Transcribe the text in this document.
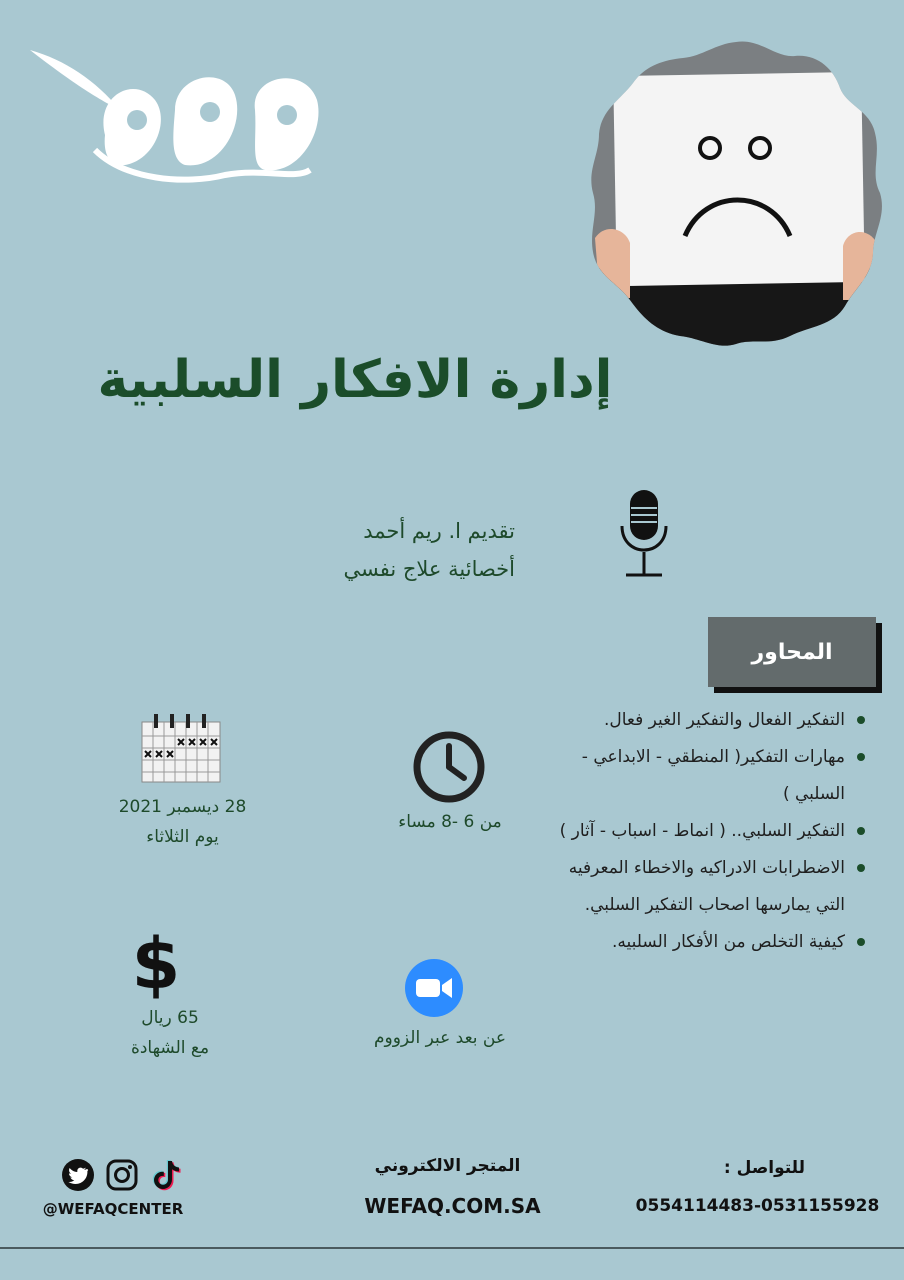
إدارة الافكار السلبية
تقديم ا. ريم أحمد
أخصائية علاج نفسي
المحاور
التفكير الفعال والتفكير الغير فعال.
مهارات التفكير( المنطقي - الابداعي - السلبي )
التفكير السلبي.. ( انماط - اسباب - آثار )
الاضطرابات الادراكيه والاخطاء المعرفيه التي يمارسها اصحاب التفكير السلبي.
كيفية التخلص من الأفكار السلبيه.
28 ديسمبر 2021
يوم الثلاثاء
من 6 -8 مساء
$
65 ريال
مع الشهادة	عن بعد عبر الزووم
للتواصل :
0554114483-0531155928
المتجر الالكتروني
WEFAQ.COM.SA
@WEFAQCENTER
